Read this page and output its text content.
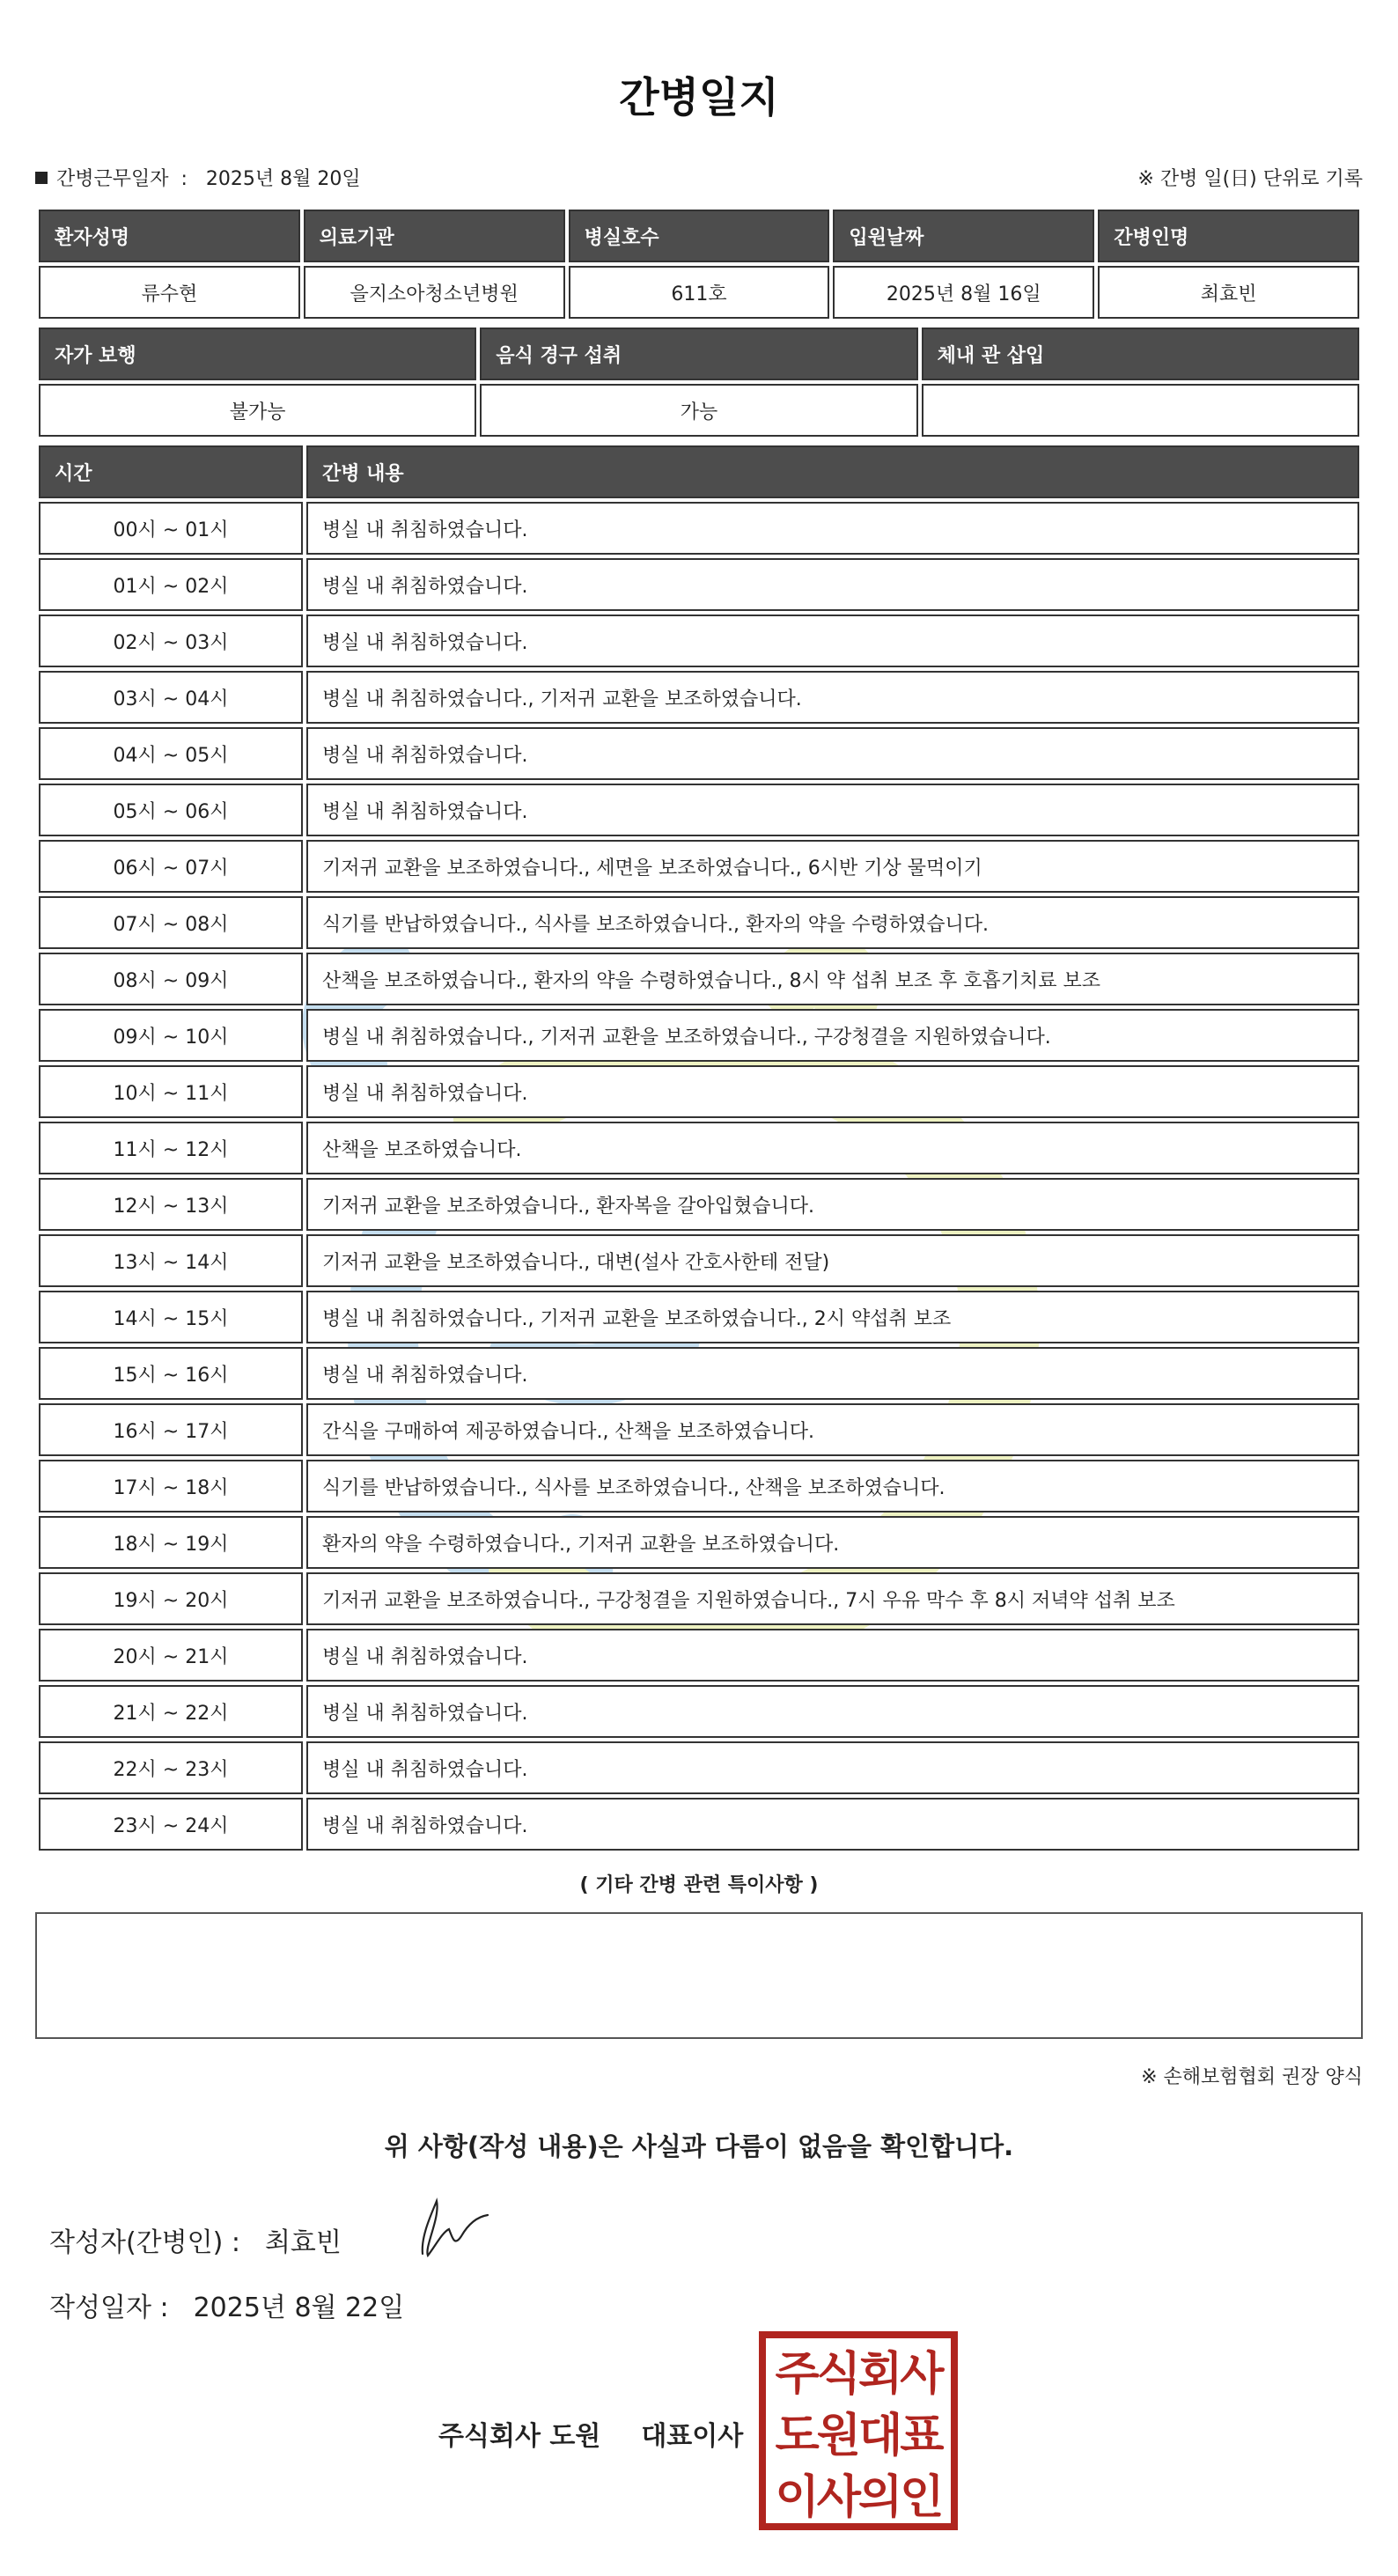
간병일지
간병근무일자 : 2025년 8월 20일	※ 간병 일(日) 단위로 기록
환자성명	의료기관	병실호수	입원날짜	간병인명
류수현	을지소아청소년병원	611호	2025년 8월 16일	최효빈
자가 보행	음식 경구 섭취	체내 관 삽입
불가능	가능	
시간	간병 내용
00시 ~ 01시	병실 내 취침하였습니다.
01시 ~ 02시	병실 내 취침하였습니다.
02시 ~ 03시	병실 내 취침하였습니다.
03시 ~ 04시	병실 내 취침하였습니다., 기저귀 교환을 보조하였습니다.
04시 ~ 05시	병실 내 취침하였습니다.
05시 ~ 06시	병실 내 취침하였습니다.
06시 ~ 07시	기저귀 교환을 보조하였습니다., 세면을 보조하였습니다., 6시반 기상 물먹이기
07시 ~ 08시	식기를 반납하였습니다., 식사를 보조하였습니다., 환자의 약을 수령하였습니다.
08시 ~ 09시	산책을 보조하였습니다., 환자의 약을 수령하였습니다., 8시 약 섭취 보조 후 호흡기치료 보조
09시 ~ 10시	병실 내 취침하였습니다., 기저귀 교환을 보조하였습니다., 구강청결을 지원하였습니다.
10시 ~ 11시	병실 내 취침하였습니다.
11시 ~ 12시	산책을 보조하였습니다.
12시 ~ 13시	기저귀 교환을 보조하였습니다., 환자복을 갈아입혔습니다.
13시 ~ 14시	기저귀 교환을 보조하였습니다., 대변(설사 간호사한테 전달)
14시 ~ 15시	병실 내 취침하였습니다., 기저귀 교환을 보조하였습니다., 2시 약섭취 보조
15시 ~ 16시	병실 내 취침하였습니다.
16시 ~ 17시	간식을 구매하여 제공하였습니다., 산책을 보조하였습니다.
17시 ~ 18시	식기를 반납하였습니다., 식사를 보조하였습니다., 산책을 보조하였습니다.
18시 ~ 19시	환자의 약을 수령하였습니다., 기저귀 교환을 보조하였습니다.
19시 ~ 20시	기저귀 교환을 보조하였습니다., 구강청결을 지원하였습니다., 7시 우유 막수 후 8시 저녁약 섭취 보조
20시 ~ 21시	병실 내 취침하였습니다.
21시 ~ 22시	병실 내 취침하였습니다.
22시 ~ 23시	병실 내 취침하였습니다.
23시 ~ 24시	병실 내 취침하였습니다.
( 기타 간병 관련 특이사항 )
※ 손해보험협회 권장 양식
위 사항(작성 내용)은 사실과 다름이 없음을 확인합니다.
작성자(간병인) : 최효빈
작성일자 : 2025년 8월 22일
주식회사 도원 대표이사
주식회사
도원대표
이사의인
